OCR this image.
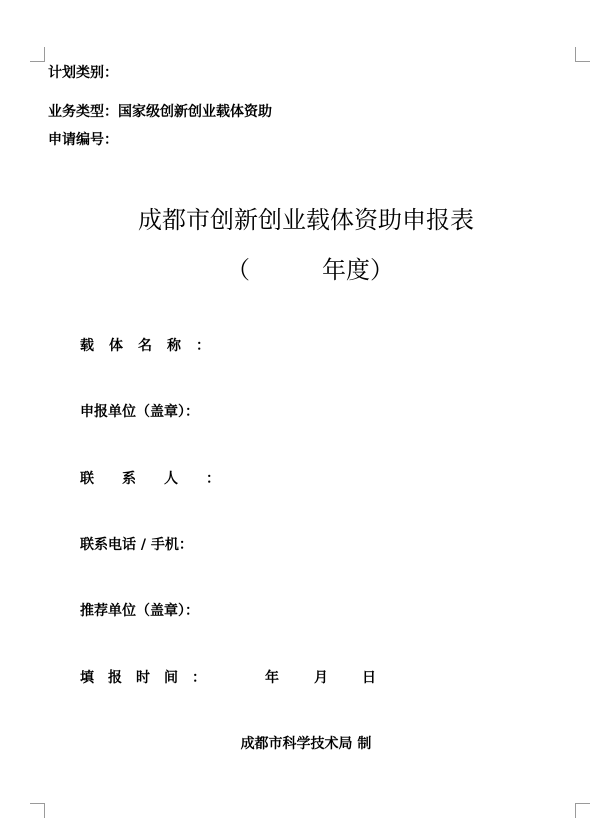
计划类别：
业务类型：国家级创新创业载体资助
申请编号：
成都市创新创业载体资助申报表
（	年度）
载体名称：
申报单位（盖章）：
联系人：
联系电话 / 手机：
推荐单位（盖章）：
填报时间：	年	月 日
成都市科学技术局 制
